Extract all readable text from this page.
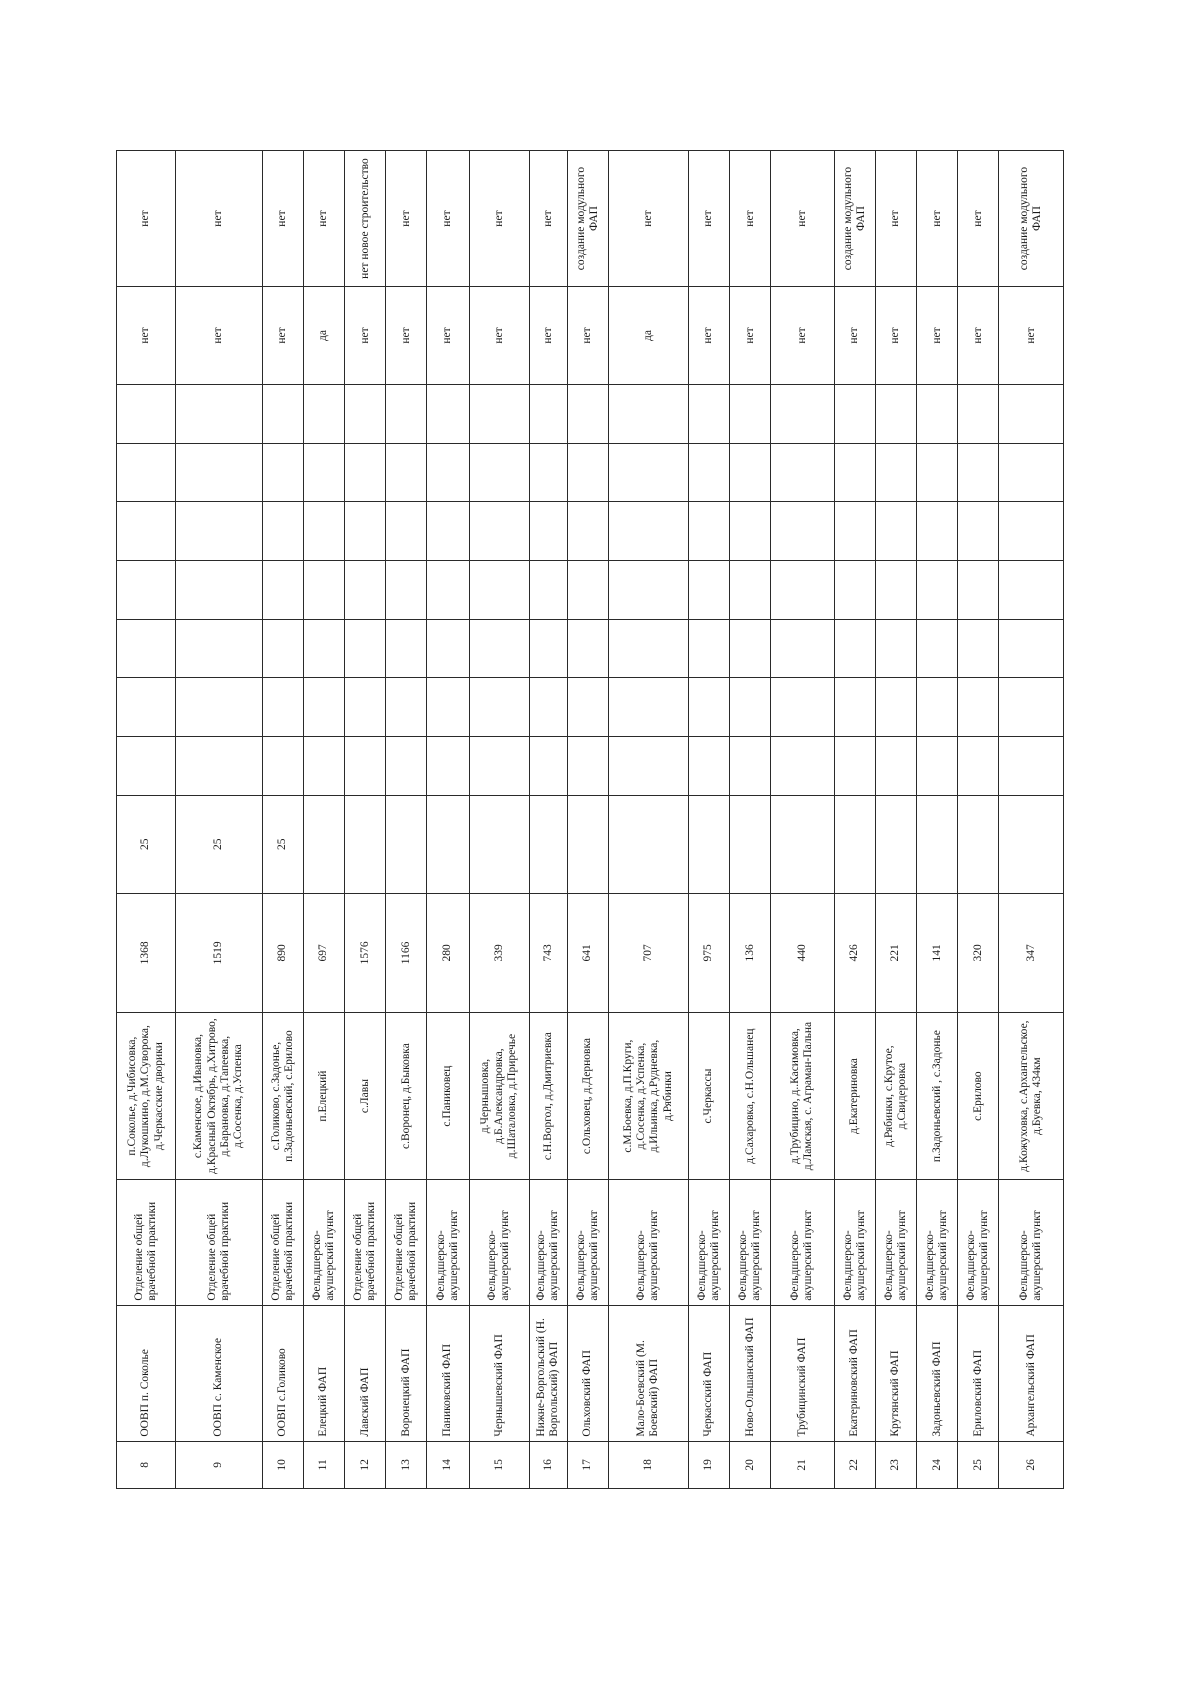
8	ООВП п. Соколье	Отделение общей врачебной практики	п.Соколье, д.Чибисовка, д.Лукошкино, д.М.Суворока, д.Черкасские дворики	1368	25								нет	нет
9	ООВП с. Каменское	Отделение общей врачебной практики	с.Каменское, д.Ивановка, д.Красный Октябрь, д.Хитрово, д.Барановка, д.Тапеевка, д.Сосенка, д.Успенка	1519	25								нет	нет
10	ООВП с.Голиково	Отделение общей врачебной практики	с.Голиково, с.Задонье, п.Задоньевский, с.Ерилово	890	25								нет	нет
11	Елецкий ФАП	Фельдшерско-акушерский пункт	п.Елецкий	697									да	нет
12	Лавский ФАП	Отделение общей врачебной практики	с.Лавы	1576									нет	нет новое строительство
13	Воронецкий ФАП	Отделение общей врачебной практики	с.Воронец, д.Быковка	1166									нет	нет
14	Паниковский ФАП	Фельдшерско-акушерский пункт	с.Паниковец	280									нет	нет
15	Чернышевский ФАП	Фельдшерско-акушерский пункт	д.Чернышовка, д.Б.Александровка, д.Шаталовка, д.Приречье	339									нет	нет
16	Нижне-Воргольский (Н. Воргольский) ФАП	Фельдшерско-акушерский пункт	с.Н.Воргол, д.Дмитриевка	743									нет	нет
17	Ольховский ФАП	Фельдшерско-акушерский пункт	с.Ольховец, д.Дерновка	641									нет	создание модульного ФАП
18	Мало-Боевский (М. Боевский) ФАП	Фельдшерско-акушерский пункт	с.М.Боевка, д.П.Круги, д.Сосенка, д.Успенка, д.Ильинка, д.Рудневка, д.Рябинки	707									да	нет
19	Черкасский ФАП	Фельдшерско-акушерский пункт	с.Черкассы	975									нет	нет
20	Ново-Ольшанский ФАП	Фельдшерско-акушерский пункт	д.Сахаровка, с.Н.Ольшанец	136									нет	нет
21	Трубицинский ФАП	Фельдшерско-акушерский пункт	д.Трубицино, д..Касимовка, д.Ламская, с. Аграман-Пальна	440									нет	нет
22	Екатериновский ФАП	Фельдшерско-акушерский пункт	д.Екатериновка	426									нет	создание модульного ФАП
23	Крутянский ФАП	Фельдшерско-акушерский пункт	д.Рябинки, с.Крутое, д.Свидеровка	221									нет	нет
24	Задоньевский ФАП	Фельдшерско-акушерский пункт	п.Задоньевский , с.Задонье	141									нет	нет
25	Ериловский ФАП	Фельдшерско-акушерский пункт	с.Ерилово	320									нет	нет
26	Архангельский ФАП	Фельдшерско-акушерский пункт	д.Кожуховка, с.Архангельское, д.Буевка, 434км	347									нет	создание модульного ФАП
